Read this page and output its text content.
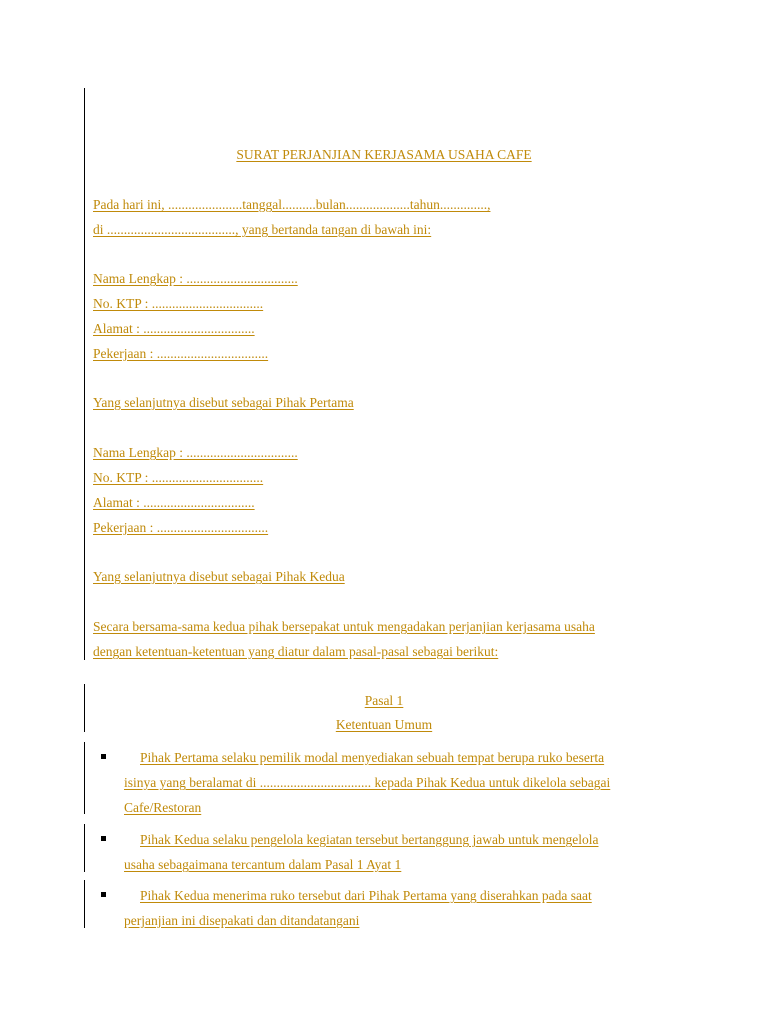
SURAT PERJANJIAN KERJASAMA USAHA CAFE
Pada hari ini, ......................tanggal..........bulan...................tahun..............,
di ......................................, yang bertanda tangan di bawah ini:
Nama Lengkap : .................................
No. KTP : .................................
Alamat : .................................
Pekerjaan : .................................
Yang selanjutnya disebut sebagai Pihak Pertama
Nama Lengkap : .................................
No. KTP : .................................
Alamat : .................................
Pekerjaan : .................................
Yang selanjutnya disebut sebagai Pihak Kedua
Secara bersama-sama kedua pihak bersepakat untuk mengadakan perjanjian kerjasama usaha
dengan ketentuan-ketentuan yang diatur dalam pasal-pasal sebagai berikut:
Pasal 1
Ketentuan Umum
Pihak Pertama selaku pemilik modal menyediakan sebuah tempat berupa ruko beserta
isinya yang beralamat di ................................. kepada Pihak Kedua untuk dikelola sebagai
Cafe/Restoran
Pihak Kedua selaku pengelola kegiatan tersebut bertanggung jawab untuk mengelola
usaha sebagaimana tercantum dalam Pasal 1 Ayat 1
Pihak Kedua menerima ruko tersebut dari Pihak Pertama yang diserahkan pada saat
perjanjian ini disepakati dan ditandatangani
